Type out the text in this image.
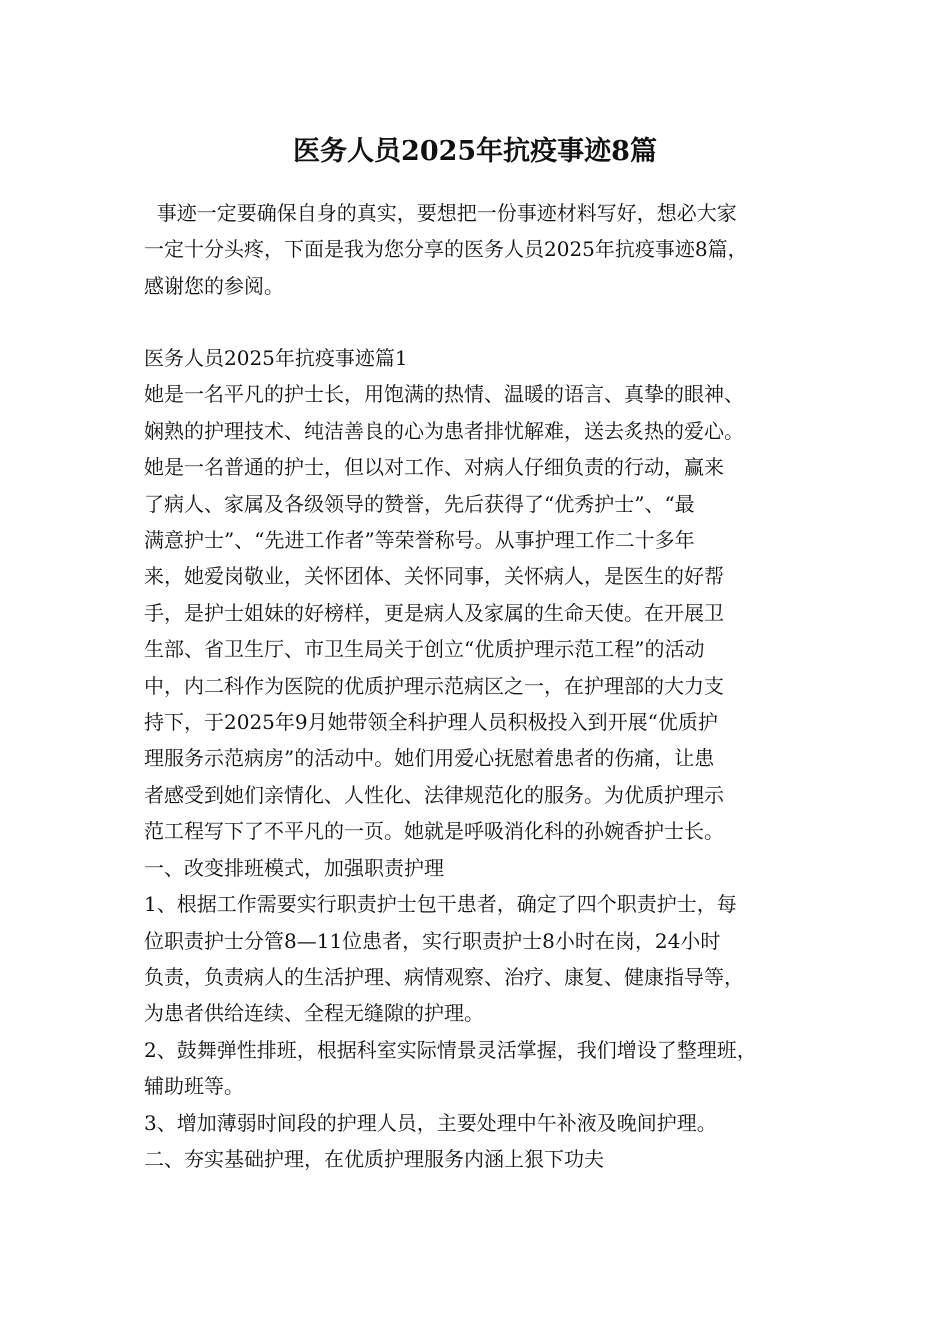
医务人员2025年抗疫事迹8篇
事迹一定要确保自身的真实，要想把一份事迹材料写好，想必大家
一定十分头疼，下面是我为您分享的医务人员2025年抗疫事迹8篇，
感谢您的参阅。
医务人员2025年抗疫事迹篇1
她是一名平凡的护士长，用饱满的热情、温暖的语言、真挚的眼神、
娴熟的护理技术、纯洁善良的心为患者排忧解难，送去炙热的爱心。
她是一名普通的护士，但以对工作、对病人仔细负责的行动，赢来
了病人、家属及各级领导的赞誉，先后获得了“优秀护士”、“最
满意护士”、“先进工作者”等荣誉称号。从事护理工作二十多年
来，她爱岗敬业，关怀团体、关怀同事，关怀病人，是医生的好帮
手，是护士姐妹的好榜样，更是病人及家属的生命天使。在开展卫
生部、省卫生厅、市卫生局关于创立“优质护理示范工程”的活动
中，内二科作为医院的优质护理示范病区之一，在护理部的大力支
持下，于2025年9月她带领全科护理人员积极投入到开展“优质护
理服务示范病房”的活动中。她们用爱心抚慰着患者的伤痛，让患
者感受到她们亲情化、人性化、法律规范化的服务。为优质护理示
范工程写下了不平凡的一页。她就是呼吸消化科的孙婉香护士长。
一、改变排班模式，加强职责护理
1、根据工作需要实行职责护士包干患者，确定了四个职责护士，每
位职责护士分管8—11位患者，实行职责护士8小时在岗，24小时
负责，负责病人的生活护理、病情观察、治疗、康复、健康指导等，
为患者供给连续、全程无缝隙的护理。
2、鼓舞弹性排班，根据科室实际情景灵活掌握，我们增设了整理班，
辅助班等。
3、增加薄弱时间段的护理人员，主要处理中午补液及晚间护理。
二、夯实基础护理，在优质护理服务内涵上狠下功夫
